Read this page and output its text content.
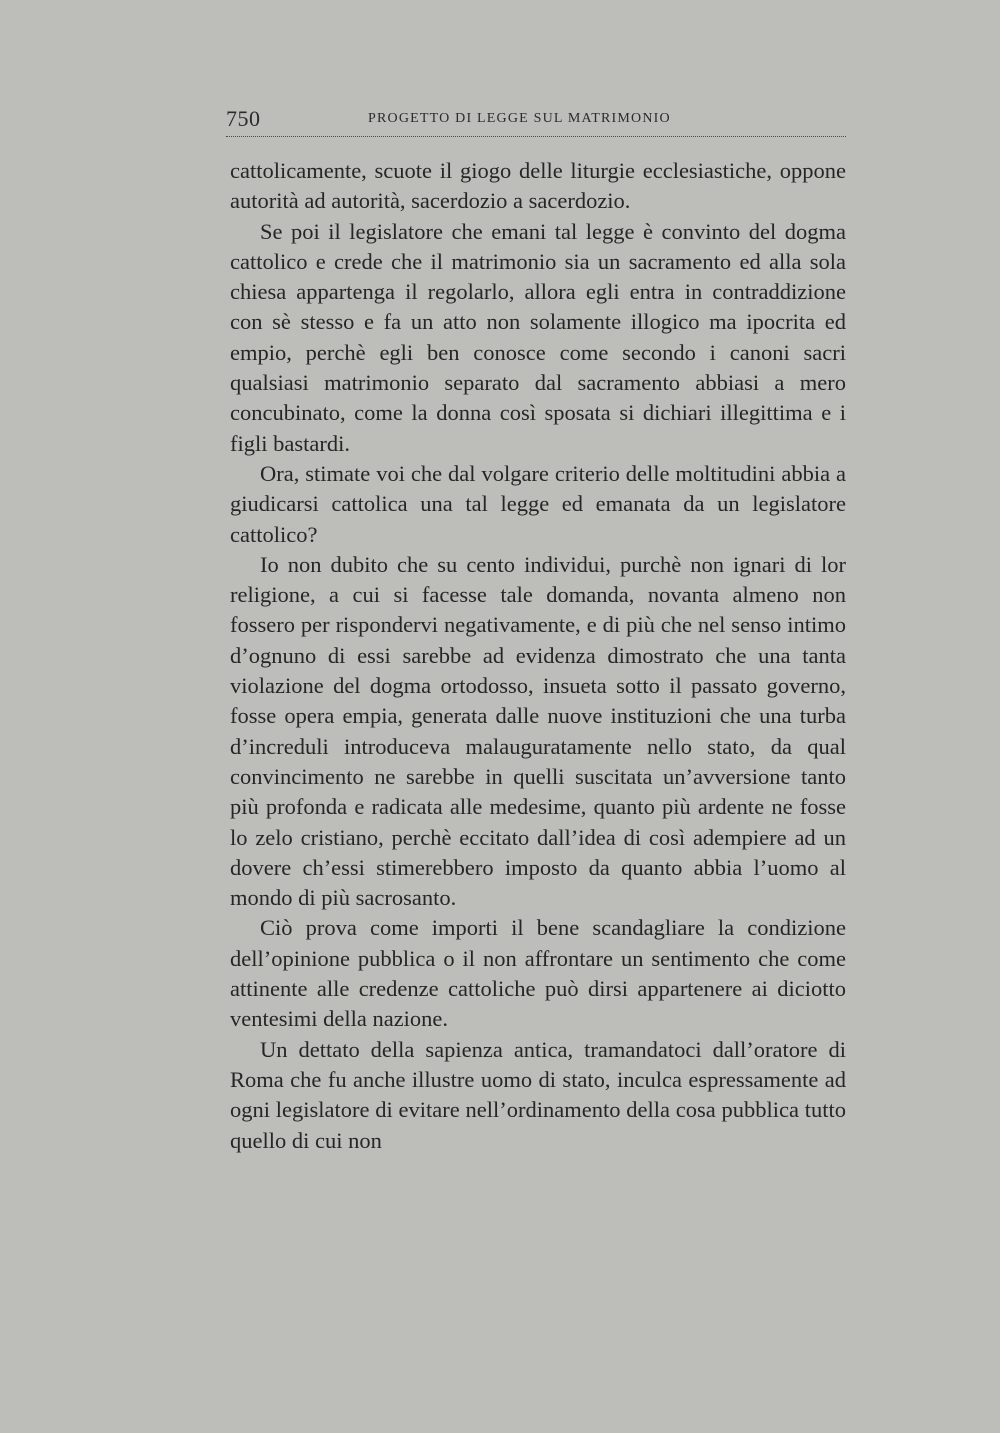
750	PROGETTO DI LEGGE SUL MATRIMONIO

cattolicamente, scuote il giogo delle liturgie ecclesiastiche, oppone autorità ad autorità, sacerdozio a sacerdozio.

Se poi il legislatore che emani tal legge è convinto del dogma cattolico e crede che il matrimonio sia un sacramento ed alla sola chiesa appartenga il regolarlo, allora egli entra in contraddizione con sè stesso e fa un atto non solamente illogico ma ipocrita ed empio, perchè egli ben conosce come secondo i canoni sacri qualsiasi matrimonio separato dal sacramento abbiasi a mero concubinato, come la donna così sposata si dichiari illegittima e i figli bastardi.

Ora, stimate voi che dal volgare criterio delle moltitudini abbia a giudicarsi cattolica una tal legge ed emanata da un legislatore cattolico?

Io non dubito che su cento individui, purchè non ignari di lor religione, a cui si facesse tale domanda, novanta almeno non fossero per rispondervi negativamente, e di più che nel senso intimo d’ognuno di essi sarebbe ad evidenza dimostrato che una tanta violazione del dogma ortodosso, insueta sotto il passato governo, fosse opera empia, generata dalle nuove instituzioni che una turba d’increduli introduceva malauguratamente nello stato, da qual convincimento ne sarebbe in quelli suscitata un’avversione tanto più profonda e radicata alle medesime, quanto più ardente ne fosse lo zelo cristiano, perchè eccitato dall’idea di così adempiere ad un dovere ch’essi stimerebbero imposto da quanto abbia l’uomo al mondo di più sacrosanto.

Ciò prova come importi il bene scandagliare la condizione dell’opinione pubblica o il non affrontare un sentimento che come attinente alle credenze cattoliche può dirsi appartenere ai diciotto ventesimi della nazione.

Un dettato della sapienza antica, tramandatoci dall’oratore di Roma che fu anche illustre uomo di stato, inculca espressamente ad ogni legislatore di evitare nell’ordinamento della cosa pubblica tutto quello di cui non
